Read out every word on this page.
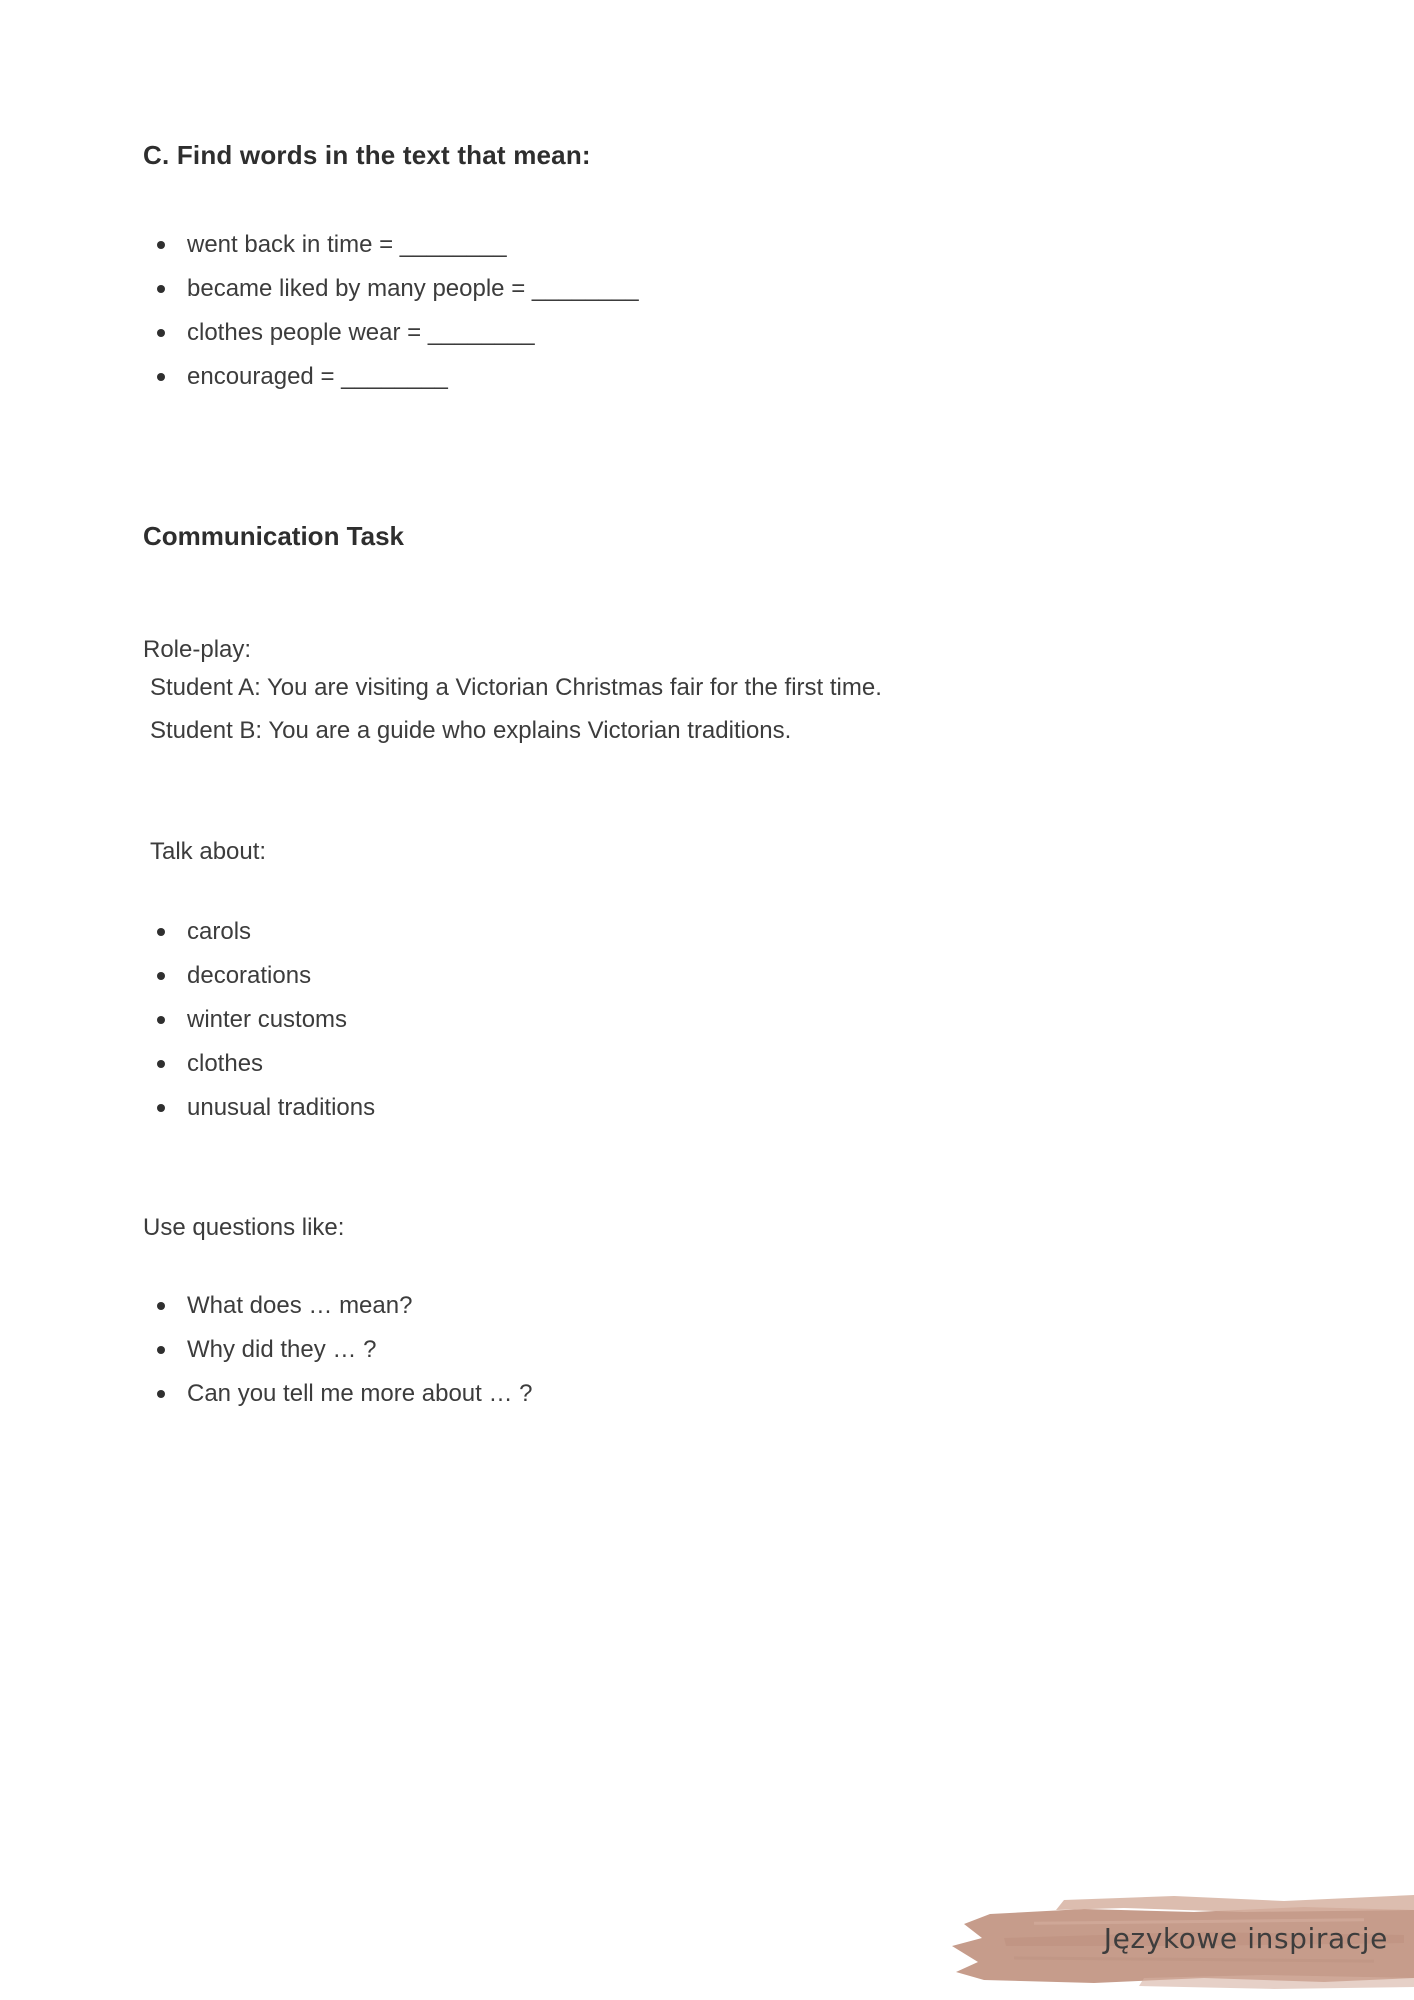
C. Find words in the text that mean:
went back in time = ________
became liked by many people = ________
clothes people wear = ________
encouraged = ________
Communication Task
Role-play:
Student A: You are visiting a Victorian Christmas fair for the first time.
Student B: You are a guide who explains Victorian traditions.
Talk about:
carols
decorations
winter customs
clothes
unusual traditions
Use questions like:
What does … mean?
Why did they … ?
Can you tell me more about … ?
Językowe inspiracje
